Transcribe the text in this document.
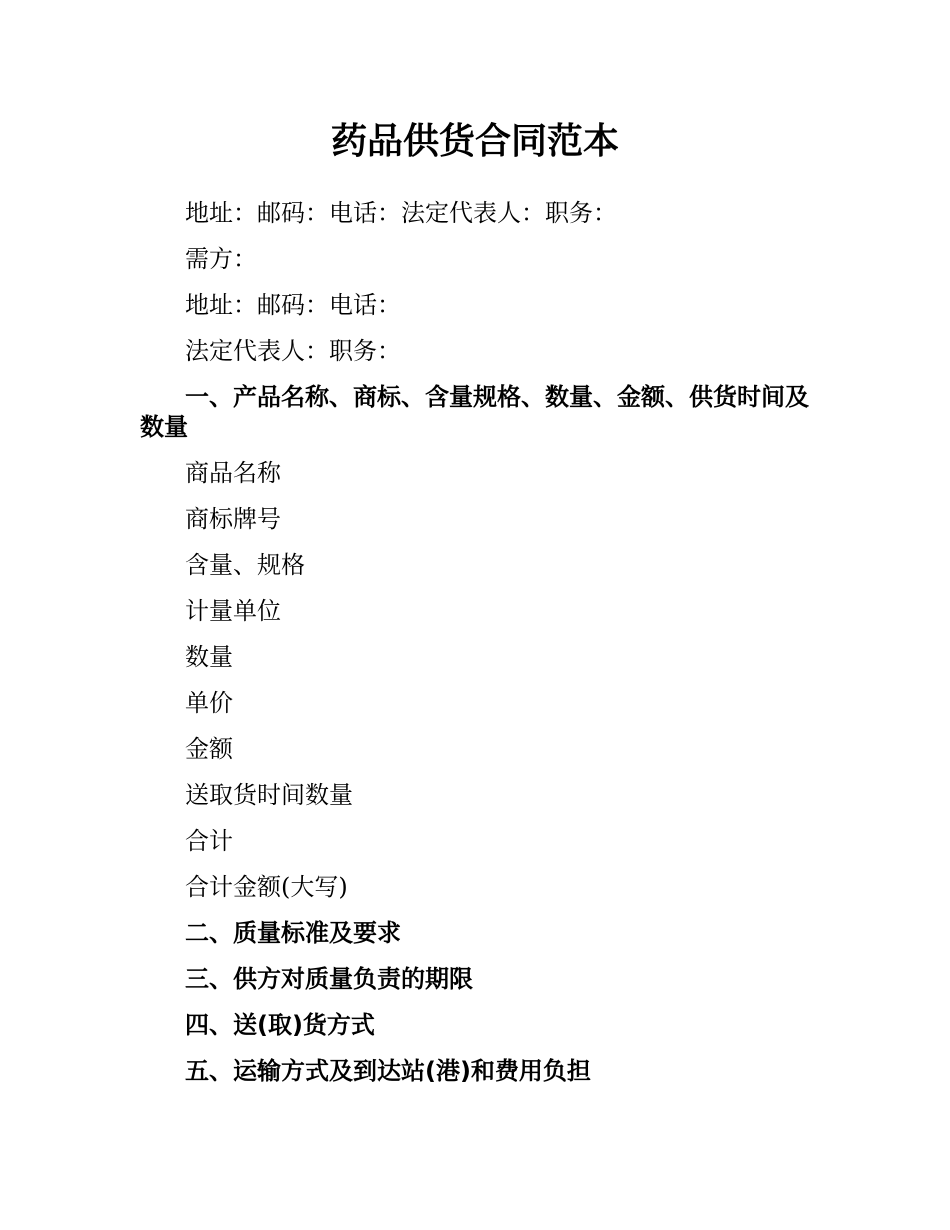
药品供货合同范本

地址：邮码：电话：法定代表人：职务：

需方：

地址：邮码：电话：

法定代表人：职务：

一、产品名称、商标、含量规格、数量、金额、供货时间及数量

商品名称

商标牌号

含量、规格

计量单位

数量

单价

金额

送取货时间数量

合计

合计金额(大写)

二、质量标准及要求

三、供方对质量负责的期限

四、送(取)货方式

五、运输方式及到达站(港)和费用负担
